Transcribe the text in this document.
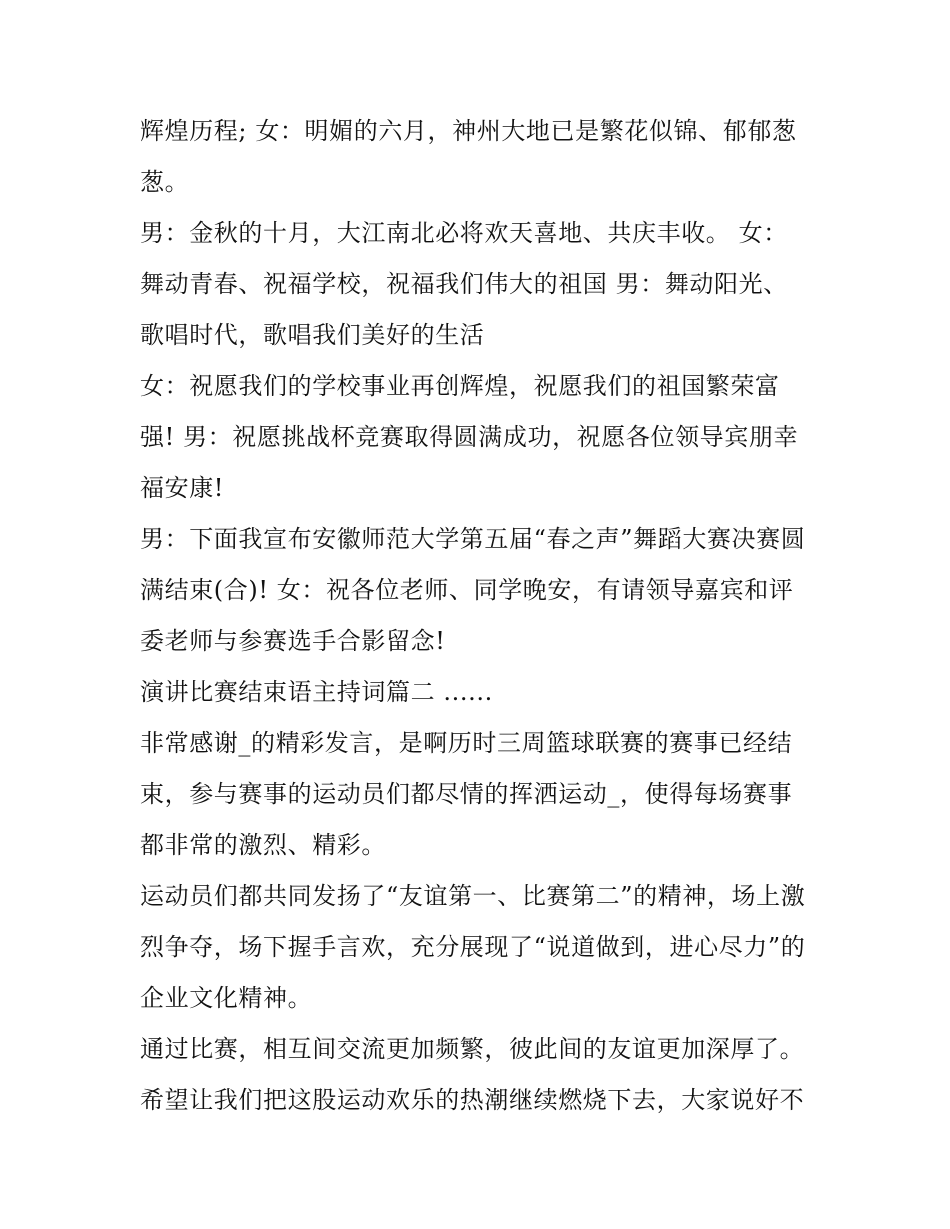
辉煌历程; 女：明媚的六月，神州大地已是繁花似锦、郁郁葱
葱。
男：金秋的十月，大江南北必将欢天喜地、共庆丰收。 女：
舞动青春、祝福学校，祝福我们伟大的祖国 男：舞动阳光、
歌唱时代，歌唱我们美好的生活
女：祝愿我们的学校事业再创辉煌，祝愿我们的祖国繁荣富
强! 男：祝愿挑战杯竞赛取得圆满成功，祝愿各位领导宾朋幸
福安康!
男：下面我宣布安徽师范大学第五届“春之声”舞蹈大赛决赛圆
满结束(合)! 女：祝各位老师、同学晚安，有请领导嘉宾和评
委老师与参赛选手合影留念!
演讲比赛结束语主持词篇二 ......
非常感谢_的精彩发言，是啊历时三周篮球联赛的赛事已经结
束，参与赛事的运动员们都尽情的挥洒运动_，使得每场赛事
都非常的激烈、精彩。
运动员们都共同发扬了“友谊第一、比赛第二”的精神，场上激
烈争夺，场下握手言欢，充分展现了“说道做到，进心尽力”的
企业文化精神。
通过比赛，相互间交流更加频繁，彼此间的友谊更加深厚了。
希望让我们把这股运动欢乐的热潮继续燃烧下去，大家说好不
